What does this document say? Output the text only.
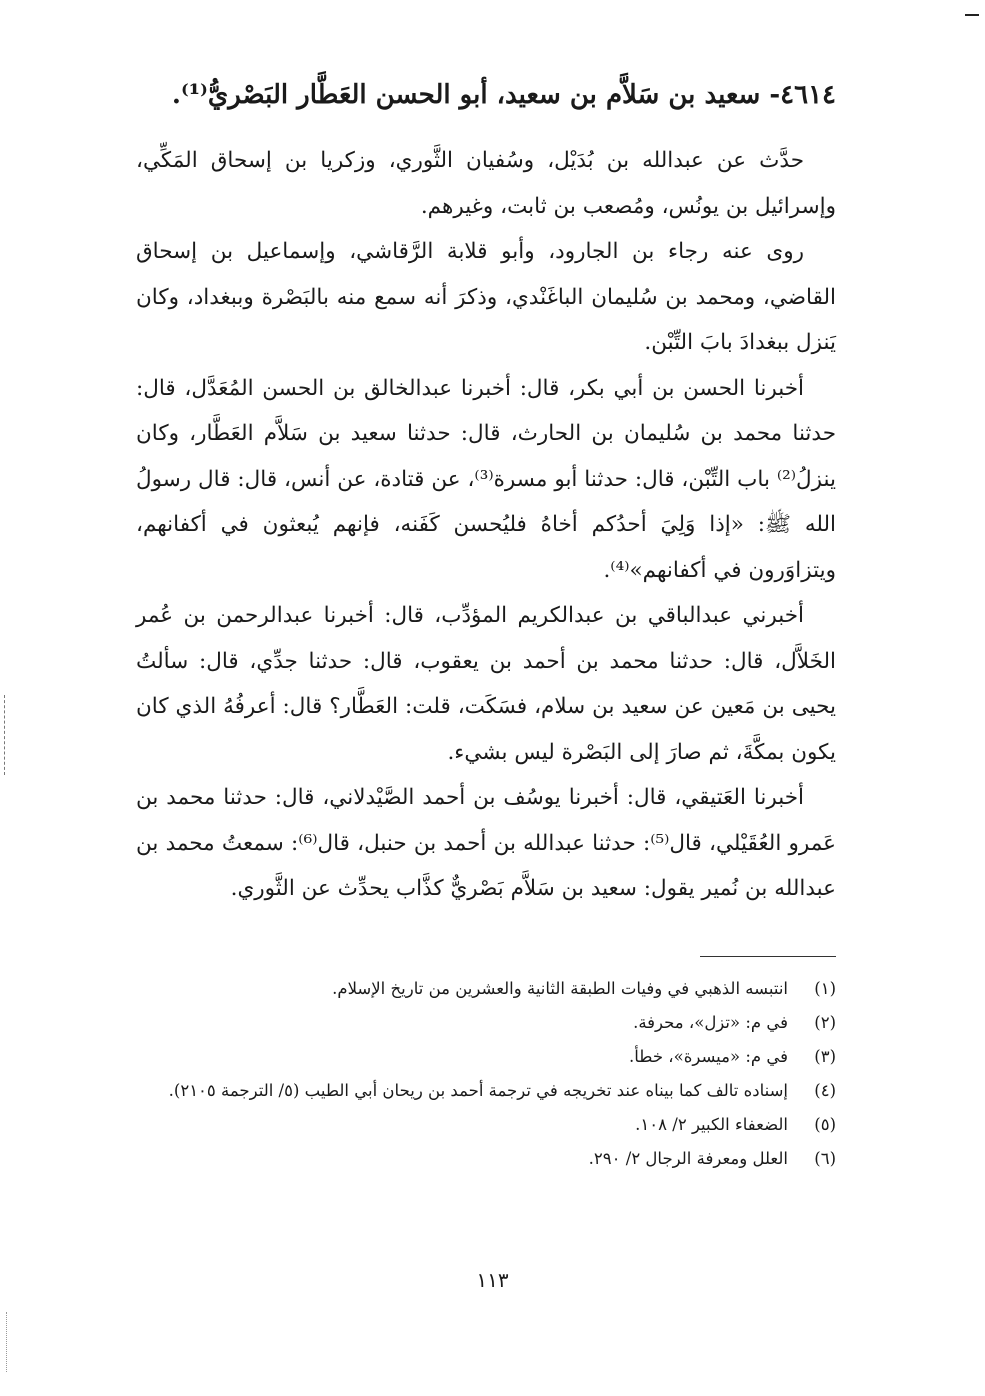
٤٦١٤- سعيد بن سَلاَّم بن سعيد، أبو الحسن العَطَّار البَصْريُّ⁽¹⁾.

حدَّث عن عبدالله بن بُدَيْل، وسُفيان الثَّوري، وزكريا بن إسحاق المَكِّي، وإسرائيل بن يونُس، ومُصعب بن ثابت، وغيرهم.

روى عنه رجاء بن الجارود، وأبو قلابة الرَّقاشي، وإسماعيل بن إسحاق القاضي، ومحمد بن سُليمان الباغَنْدي، وذكرَ أنه سمع منه بالبَصْرة وببغداد، وكان يَنزل ببغدادَ بابَ التِّبْن.

أخبرنا الحسن بن أبي بكر، قال: أخبرنا عبدالخالق بن الحسن المُعَدَّل، قال: حدثنا محمد بن سُليمان بن الحارث، قال: حدثنا سعيد بن سَلاَّم العَطَّار، وكان ينزلُ⁽²⁾ باب التِّبْن، قال: حدثنا أبو مسرة⁽³⁾، عن قتادة، عن أنس، قال: قال رسولُ الله ﷺ: «إذا وَلِيَ أحدُكم أخاهُ فليُحسن كَفَنه، فإنهم يُبعثون في أكفانهم، ويتزاوَرون في أكفانهم»⁽⁴⁾.

أخبرني عبدالباقي بن عبدالكريم المؤدِّب، قال: أخبرنا عبدالرحمن بن عُمر الخَلاَّل، قال: حدثنا محمد بن أحمد بن يعقوب، قال: حدثنا جدِّي، قال: سألتُ يحيى بن مَعين عن سعيد بن سلام، فسَكَت، قلت: العَطَّار؟ قال: أعرفُهُ الذي كان يكون بمكَّةَ، ثم صارَ إلى البَصْرة ليس بشيء.

أخبرنا العَتيقي، قال: أخبرنا يوسُف بن أحمد الصَّيْدلاني، قال: حدثنا محمد بن عَمرو العُقَيْلي، قال⁽⁵⁾: حدثنا عبدالله بن أحمد بن حنبل، قال⁽⁶⁾: سمعتُ محمد بن عبدالله بن نُمير يقول: سعيد بن سَلاَّم بَصْريٌّ كذَّاب يحدِّث عن الثَّوري.

(١)
انتبسه الذهبي في وفيات الطبقة الثانية والعشرين من تاريخ الإسلام.
(٢)
في م: «تزل»، محرفة.
(٣)
في م: «ميسرة»، خطأ.
(٤)
إسناده تالف كما بيناه عند تخريجه في ترجمة أحمد بن ريحان أبي الطيب (٥/ الترجمة ٢١٠٥).
(٥)
الضعفاء الكبير ٢/ ١٠٨.
(٦)
العلل ومعرفة الرجال ٢/ ٢٩٠.
١١٣
